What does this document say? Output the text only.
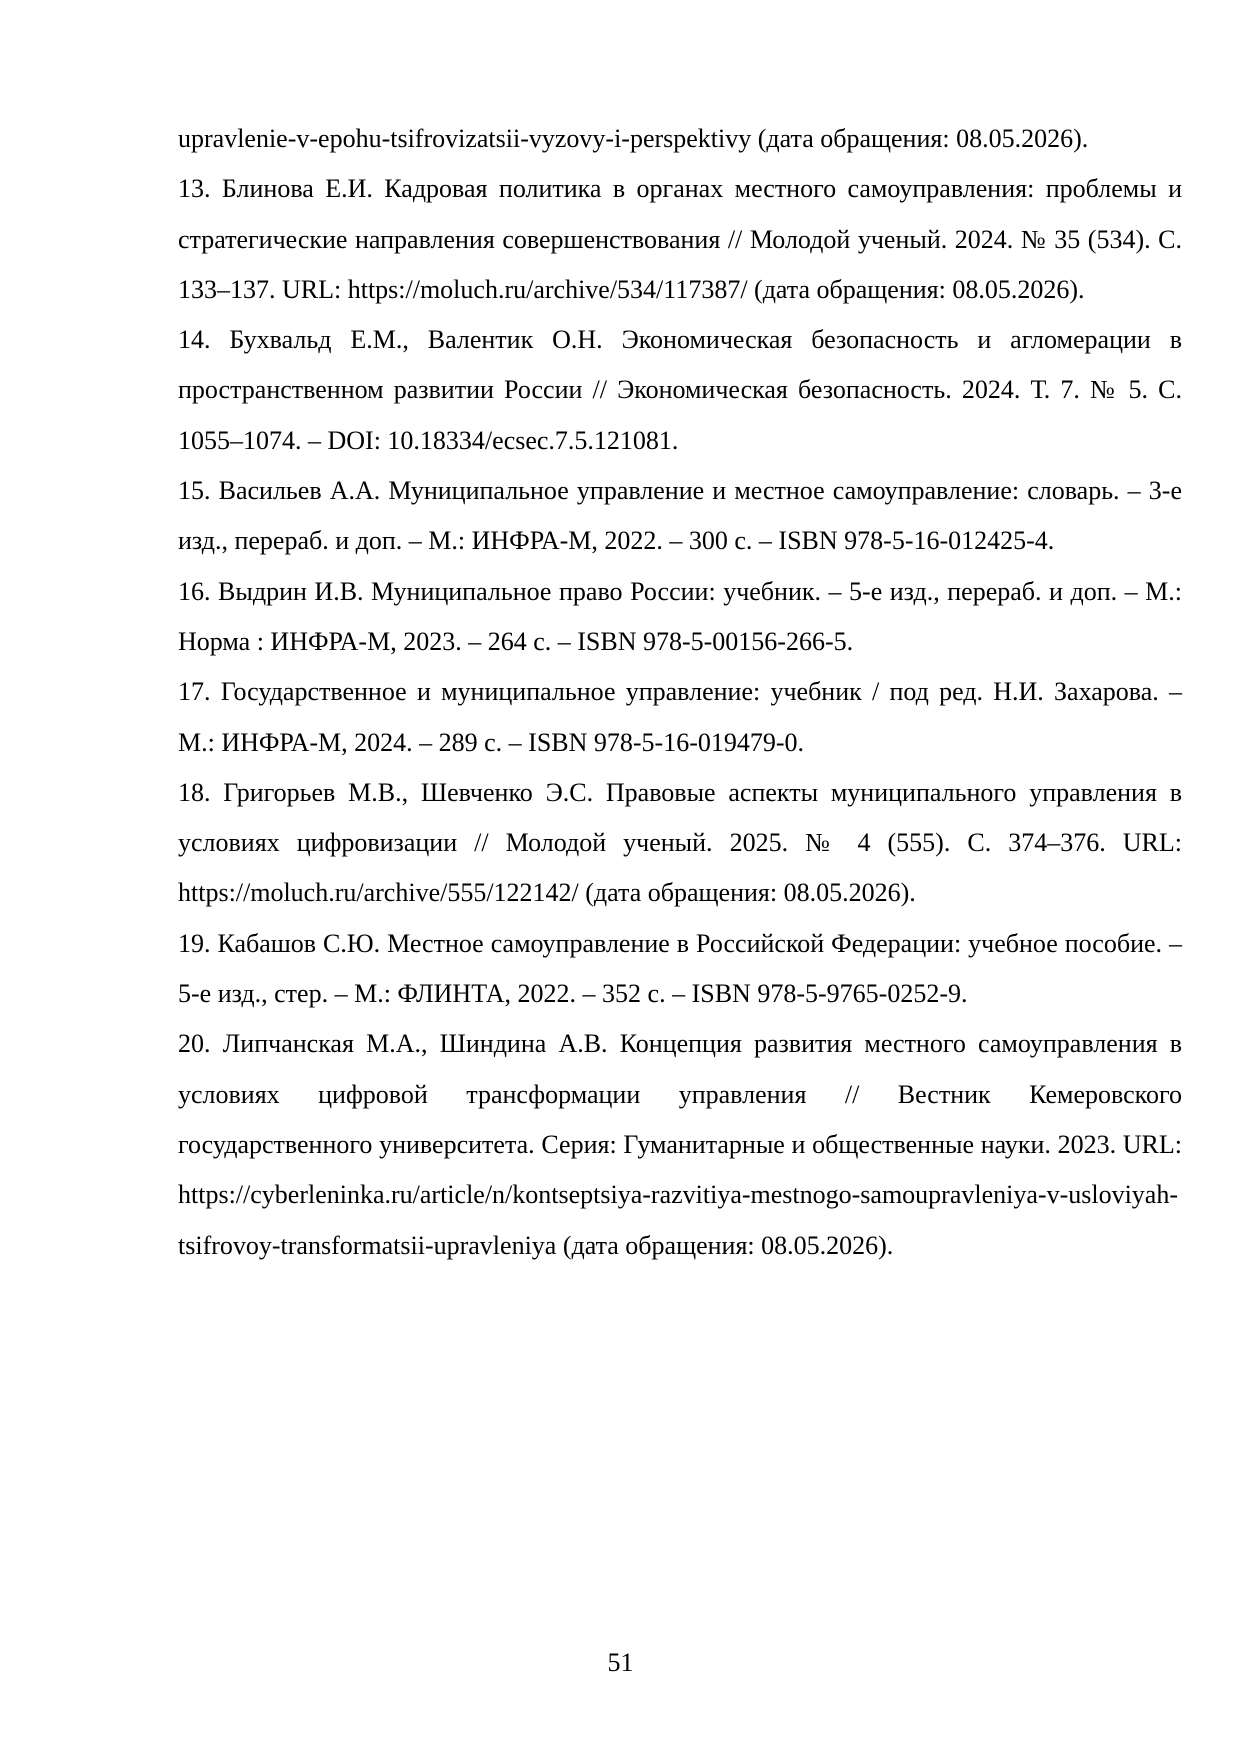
upravlenie-v-epohu-tsifrovizatsii-vyzovy-i-perspektivy (дата обращения: 08.05.2026).

13. Блинова Е.И. Кадровая политика в органах местного самоуправления: проблемы и стратегические направления совершенствования // Молодой ученый. 2024. № 35 (534). С. 133–137. URL: https://moluch.ru/archive/534/117387/ (дата обращения: 08.05.2026).

14. Бухвальд Е.М., Валентик О.Н. Экономическая безопасность и агломерации в пространственном развитии России // Экономическая безопасность. 2024. Т. 7. № 5. С. 1055–1074. – DOI: 10.18334/ecsec.7.5.121081.

15. Васильев А.А. Муниципальное управление и местное самоуправление: словарь. – 3-е изд., перераб. и доп. – М.: ИНФРА-М, 2022. – 300 с. – ISBN 978-5-16-012425-4.

16. Выдрин И.В. Муниципальное право России: учебник. – 5-е изд., перераб. и доп. – М.: Норма : ИНФРА-М, 2023. – 264 с. – ISBN 978-5-00156-266-5.

17. Государственное и муниципальное управление: учебник / под ред. Н.И. Захарова. – М.: ИНФРА-М, 2024. – 289 с. – ISBN 978-5-16-019479-0.

18. Григорьев М.В., Шевченко Э.С. Правовые аспекты муниципального управления в условиях цифровизации // Молодой ученый. 2025. № 4 (555). С. 374–376. URL: https://moluch.ru/archive/555/122142/ (дата обращения: 08.05.2026).

19. Кабашов С.Ю. Местное самоуправление в Российской Федерации: учебное пособие. – 5-е изд., стер. – М.: ФЛИНТА, 2022. – 352 с. – ISBN 978-5-9765-0252-9.

20. Липчанская М.А., Шиндина А.В. Концепция развития местного самоуправления в условиях цифровой трансформации управления // Вестник Кемеровского государственного университета. Серия: Гуманитарные и общественные науки. 2023. URL: https://cyberleninka.ru/article/n/kontseptsiya-razvitiya-mestnogo-samoupravleniya-v-usloviyah-tsifrovoy-transformatsii-upravleniya (дата обращения: 08.05.2026).

51
